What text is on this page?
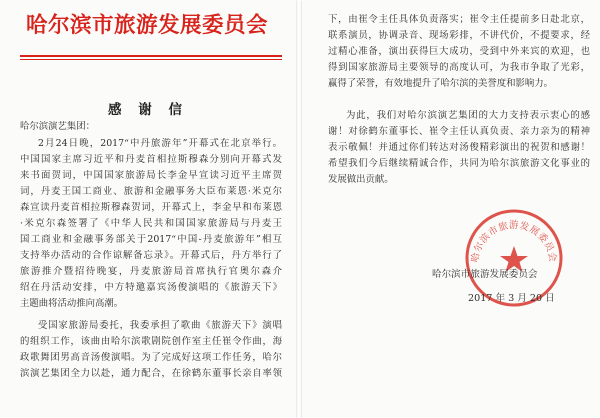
哈尔滨市旅游发展委员会
感 谢 信
哈尔滨演艺集团：
2月24日晚，2017“中丹旅游年”开幕式在北京举行。
中国国家主席习近平和丹麦首相拉斯穆森分别向开幕式发
来书面贺词，中国国家旅游局长李金早宣读习近平主席贺
词，丹麦王国工商业、旅游和金融事务大臣布莱恩·米克尔
森宣读丹麦首相拉斯穆森贺词，开幕式上，李金早和布莱恩
·米克尔森签署了《中华人民共和国国家旅游局与丹麦王
国工商业和金融事务部关于2017“中国-丹麦旅游年”相互
支持举办活动的合作谅解备忘录》。开幕式后，丹方举行了
旅游推介暨招待晚宴，丹麦旅游局首席执行官奥尔森介
绍在丹活动安排，中方特邀嘉宾汤俊演唱的《旅游天下》
主题曲将活动推向高潮。
受国家旅游局委托，我委承担了歌曲《旅游天下》演唱
的组织工作，该曲由哈尔滨歌剧院创作室主任崔令作曲，海
政歌舞团男高音汤俊演唱。为了完成好这项工作任务，哈尔
滨演艺集团全力以赴，通力配合，在徐鹤东董事长亲自率领
下，由崔令主任具体负责落实；崔令主任提前多日赴北京，
联系演员，协调录音、现场彩排，不讲代价，不提要求，经
过精心准备，演出获得巨大成功，受到中外来宾的欢迎，也
得到国家旅游局主要领导的高度认可，为我市争取了光彩，
赢得了荣誉，有效地提升了哈尔滨的美誉度和影响力。
为此，我们对哈尔滨演艺集团的大力支持表示衷心的感
谢！对徐鹤东董事长、崔令主任认真负责、亲力亲为的精神
表示敬佩！并通过你们转达对汤俊精彩演出的祝贺和感谢！
希望我们今后继续精诚合作，共同为哈尔滨旅游文化事业的
发展做出贡献。
哈尔滨市旅游发展委员会
哈尔滨市旅游发展委员会
2017 年 3 月 20 日
